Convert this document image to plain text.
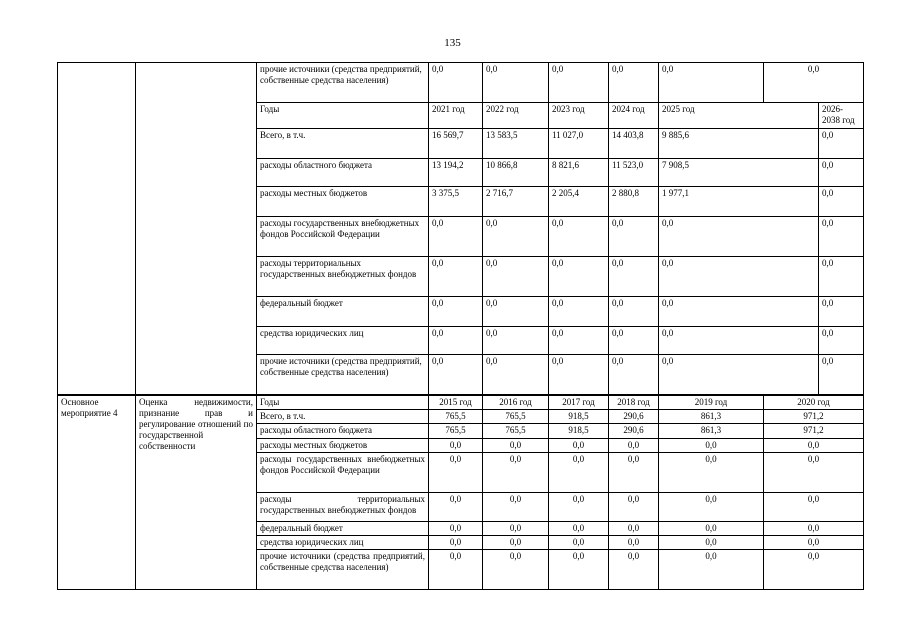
135
		прочие источники (средства предприятий, собственные средства населения)	0,0	0,0	0,0	0,0	0,0	0,0		
		Годы	2021 год	2022 год	2023 год	2024 год	2025 год		2026-2038 год	
		Всего, в т.ч.	16 569,7	13 583,5	11 027,0	14 403,8	9 885,6		0,0	
		расходы областного бюджета	13 194,2	10 866,8	8 821,6	11 523,0	7 908,5		0,0	
		расходы местных бюджетов	3 375,5	2 716,7	2 205,4	2 880,8	1 977,1		0,0	
		расходы государственных внебюджетных фондов Российской Федерации	0,0	0,0	0,0	0,0	0,0		0,0	
		расходы территориальных государственных внебюджетных фондов	0,0	0,0	0,0	0,0	0,0		0,0	
		федеральный бюджет	0,0	0,0	0,0	0,0	0,0		0,0	
		средства юридических лиц	0,0	0,0	0,0	0,0	0,0		0,0	
		прочие источники (средства предприятий, собственные средства населения)	0,0	0,0	0,0	0,0	0,0		0,0	
Основное мероприятие 4	Оценка недвижимости, признание прав и регулирование отношений по государственной собственности	Годы	2015 год	2016 год	2017 год	2018 год	2019 год	2020 год
		Всего, в т.ч.	765,5	765,5	918,5	290,6	861,3	971,2
		расходы областного бюджета	765,5	765,5	918,5	290,6	861,3	971,2
		расходы местных бюджетов	0,0	0,0	0,0	0,0	0,0	0,0
		расходы государственных внебюджетных фондов Российской Федерации	0,0	0,0	0,0	0,0	0,0	0,0
		расходы территориальных государственных внебюджетных фондов	0,0	0,0	0,0	0,0	0,0	0,0
		федеральный бюджет	0,0	0,0	0,0	0,0	0,0	0,0
		средства юридических лиц	0,0	0,0	0,0	0,0	0,0	0,0
		прочие источники (средства предприятий, собственные средства населения)	0,0	0,0	0,0	0,0	0,0	0,0
